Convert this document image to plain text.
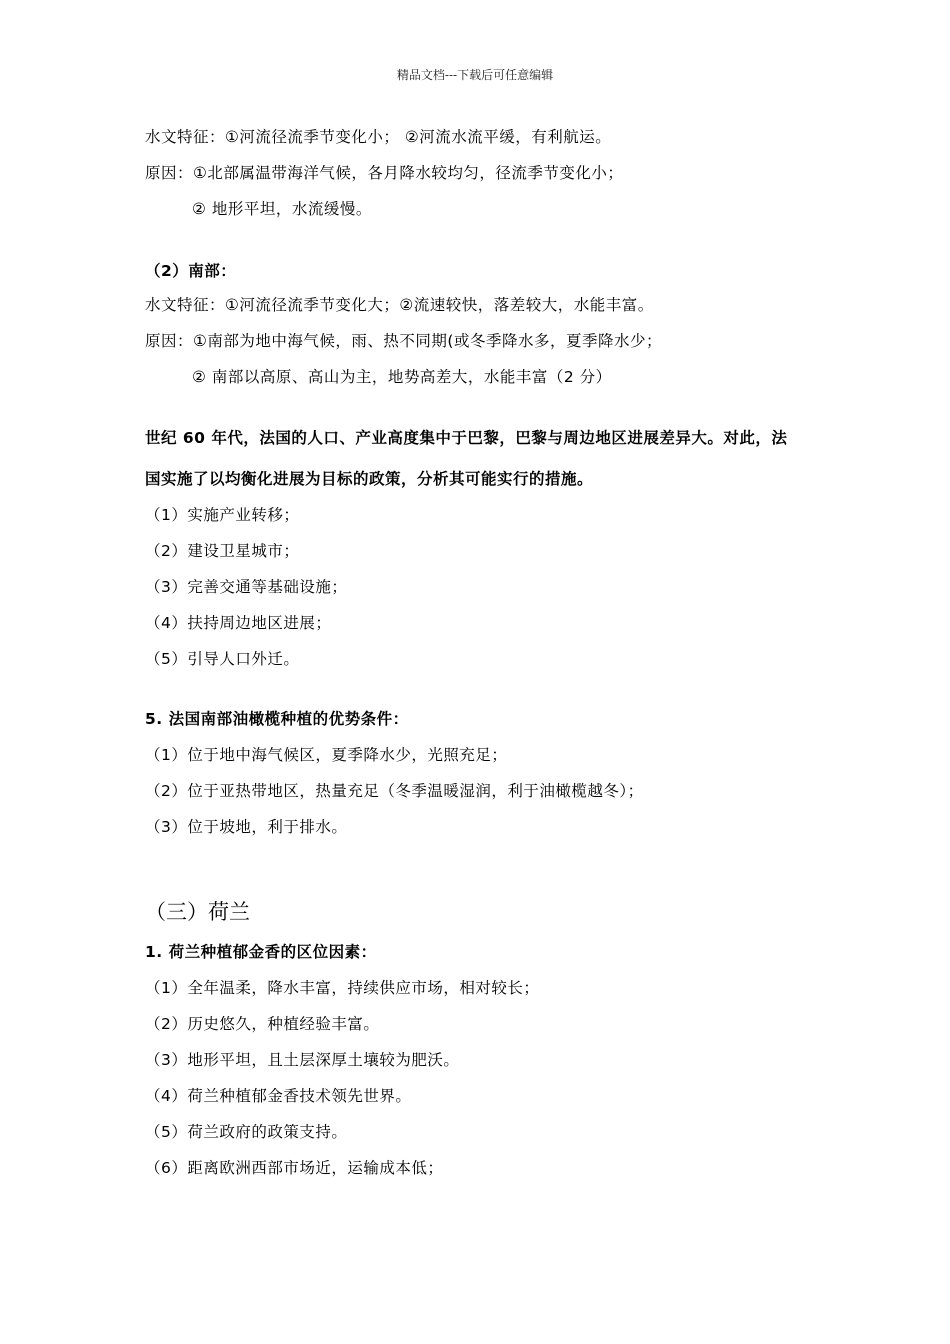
精品文档---下载后可任意编辑
水文特征：①河流径流季节变化小； ②河流水流平缓，有利航运。
原因：①北部属温带海洋气候，各月降水较均匀，径流季节变化小；
② 地形平坦，水流缓慢。
（2）南部：
水文特征：①河流径流季节变化大；②流速较快，落差较大，水能丰富。
原因：①南部为地中海气候，雨、热不同期(或冬季降水多，夏季降水少；
② 南部以高原、高山为主，地势高差大，水能丰富（2 分）
世纪 60 年代，法国的人口、产业高度集中于巴黎，巴黎与周边地区进展差异大。对此，法
国实施了以均衡化进展为目标的政策，分析其可能实行的措施。
（1）实施产业转移；
（2）建设卫星城市；
（3）完善交通等基础设施；
（4）扶持周边地区进展；
（5）引导人口外迁。
5. 法国南部油橄榄种植的优势条件：
（1）位于地中海气候区，夏季降水少，光照充足；
（2）位于亚热带地区，热量充足（冬季温暖湿润，利于油橄榄越冬）；
（3）位于坡地，利于排水。
（三）荷兰
1. 荷兰种植郁金香的区位因素：
（1）全年温柔，降水丰富，持续供应市场，相对较长；
（2）历史悠久，种植经验丰富。
（3）地形平坦，且土层深厚土壤较为肥沃。
（4）荷兰种植郁金香技术领先世界。
（5）荷兰政府的政策支持。
（6）距离欧洲西部市场近，运输成本低；
